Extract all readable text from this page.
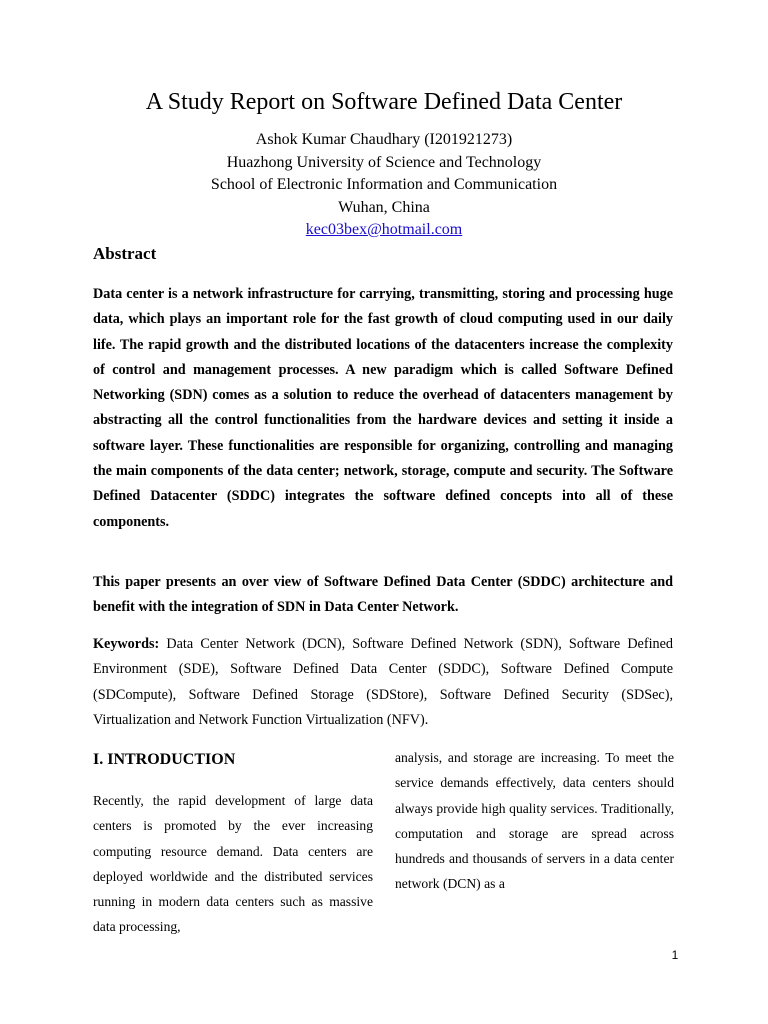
A Study Report on Software Defined Data Center
Ashok Kumar Chaudhary (I201921273)
Huazhong University of Science and Technology
School of Electronic Information and Communication
Wuhan, China
kec03bex@hotmail.com
Abstract

Data center is a network infrastructure for carrying, transmitting, storing and processing huge data, which plays an important role for the fast growth of cloud computing used in our daily life. The rapid growth and the distributed locations of the datacenters increase the complexity of control and management processes. A new paradigm which is called Software Defined Networking (SDN) comes as a solution to reduce the overhead of datacenters management by abstracting all the control functionalities from the hardware devices and setting it inside a software layer. These functionalities are responsible for organizing, controlling and managing the main components of the data center; network, storage, compute and security. The Software Defined Datacenter (SDDC) integrates the software defined concepts into all of these components.

This paper presents an over view of Software Defined Data Center (SDDC) architecture and benefit with the integration of SDN in Data Center Network.

Keywords: Data Center Network (DCN), Software Defined Network (SDN), Software Defined Environment (SDE), Software Defined Data Center (SDDC), Software Defined Compute (SDCompute), Software Defined Storage (SDStore), Software Defined Security (SDSec), Virtualization and Network Function Virtualization (NFV).

I. INTRODUCTION

Recently, the rapid development of large data centers is promoted by the ever increasing computing resource demand. Data centers are deployed worldwide and the distributed services running in modern data centers such as massive data processing,

analysis, and storage are increasing. To meet the service demands effectively, data centers should always provide high quality services. Traditionally, computation and storage are spread across hundreds and thousands of servers in a data center network (DCN) as a

1
